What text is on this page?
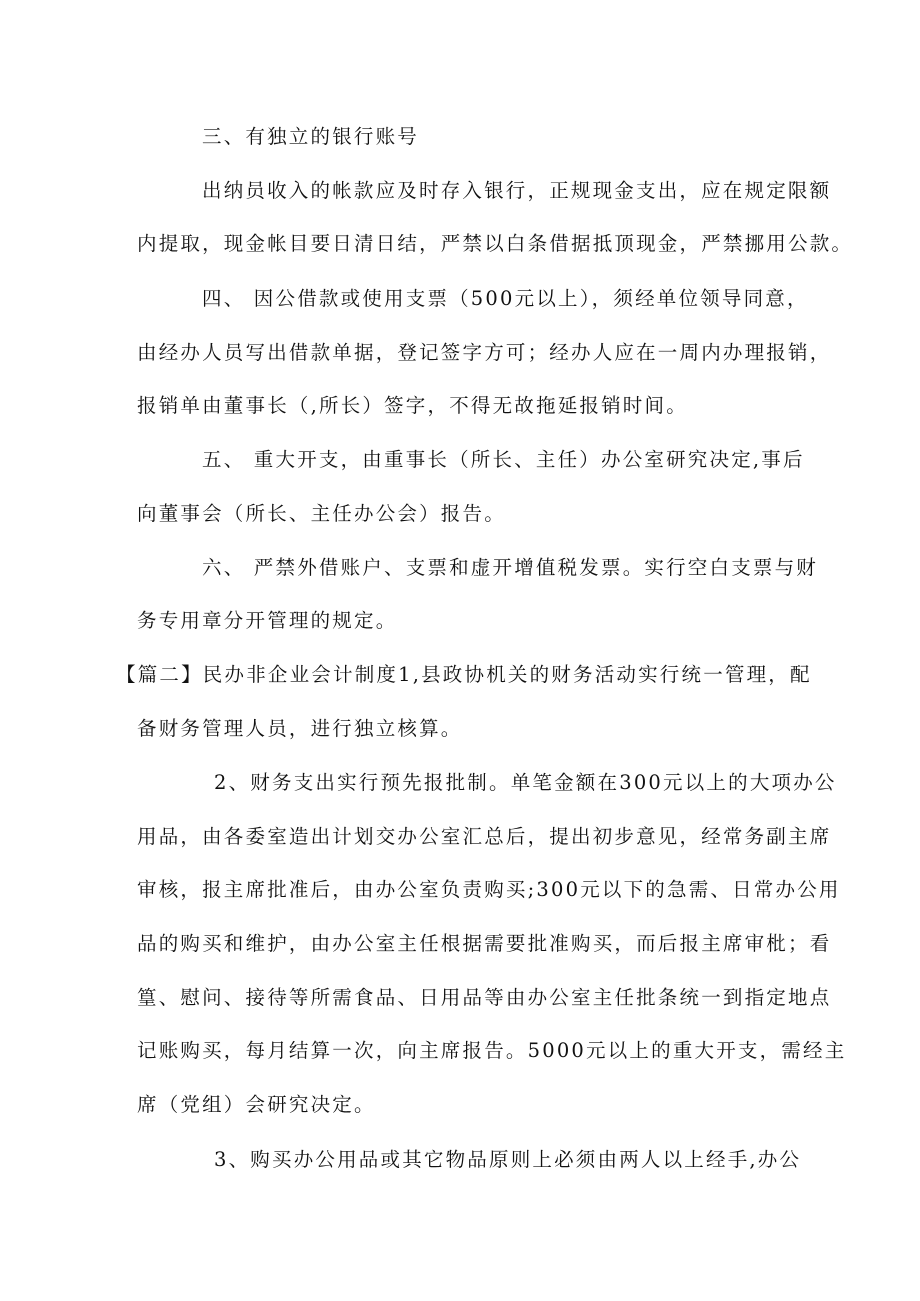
三、有独立的银行账号
出纳员收入的帐款应及时存入银行，正规现金支出，应在规定限额
内提取，现金帐目要日清日结，严禁以白条借据抵顶现金，严禁挪用公款。
四、 因公借款或使用支票（500元以上），须经单位领导同意，
由经办人员写出借款单据，登记签字方可；经办人应在一周内办理报销，
报销单由董事长（,所长）签字，不得无故拖延报销时间。
五、 重大开支，由重事长（所长、主任）办公室研究决定,事后
向董事会（所长、主任办公会）报告。
六、 严禁外借账户、支票和虚开增值税发票。实行空白支票与财
务专用章分开管理的规定。
【篇二】民办非企业会计制度1,县政协机关的财务活动实行统一管理，配
备财务管理人员，进行独立核算。
2、财务支出实行预先报批制。单笔金额在300元以上的大项办公
用品，由各委室造出计划交办公室汇总后，提出初步意见，经常务副主席
审核，报主席批准后，由办公室负责购买;300元以下的急需、日常办公用
品的购买和维护，由办公室主任根据需要批准购买，而后报主席审枇；看
篁、慰问、接待等所需食品、日用品等由办公室主任批条统一到指定地点
记账购买，每月结算一次，向主席报告。5000元以上的重大开支，需经主
席（党组）会研究决定。
3、购买办公用品或其它物品原则上必须由两人以上经手,办公
